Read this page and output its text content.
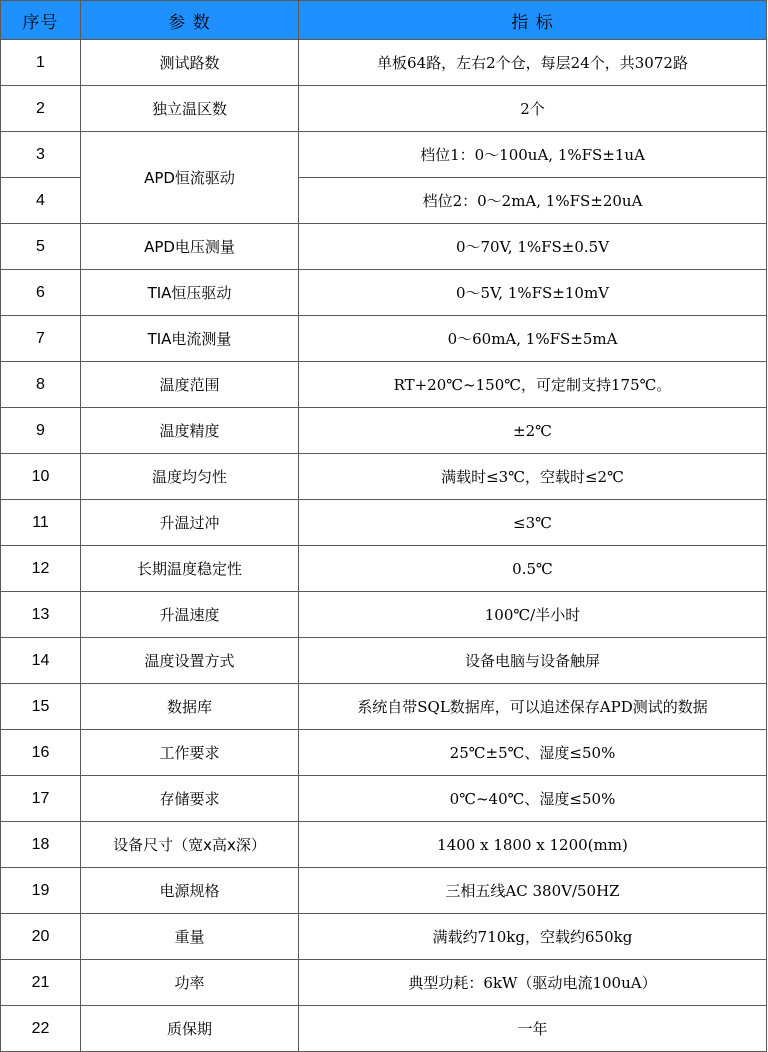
序号	参 数	指 标
1	测试路数	单板64路，左右2个仓，每层24个，共3072路
2	独立温区数	2个
3	APD恒流驱动	档位1：0～100uA, 1%FS±1uA
4		档位2：0～2mA, 1%FS±20uA
5	APD电压测量	0～70V, 1%FS±0.5V
6	TIA恒压驱动	0～5V, 1%FS±10mV
7	TIA电流测量	0～60mA, 1%FS±5mA
8	温度范围	RT+20℃~150℃，可定制支持175℃。
9	温度精度	±2℃
10	温度均匀性	满载时≤3℃，空载时≤2℃
11	升温过冲	≤3℃
12	长期温度稳定性	0.5℃
13	升温速度	100℃/半小时
14	温度设置方式	设备电脑与设备触屏
15	数据库	系统自带SQL数据库，可以追述保存APD测试的数据
16	工作要求	25℃±5℃、湿度≤50%
17	存储要求	0℃~40℃、湿度≤50%
18	设备尺寸（宽x高x深）	1400 x 1800 x 1200(mm)
19	电源规格	三相五线AC 380V/50HZ
20	重量	满载约710kg，空载约650kg
21	功率	典型功耗：6kW（驱动电流100uA）
22	质保期	一年
